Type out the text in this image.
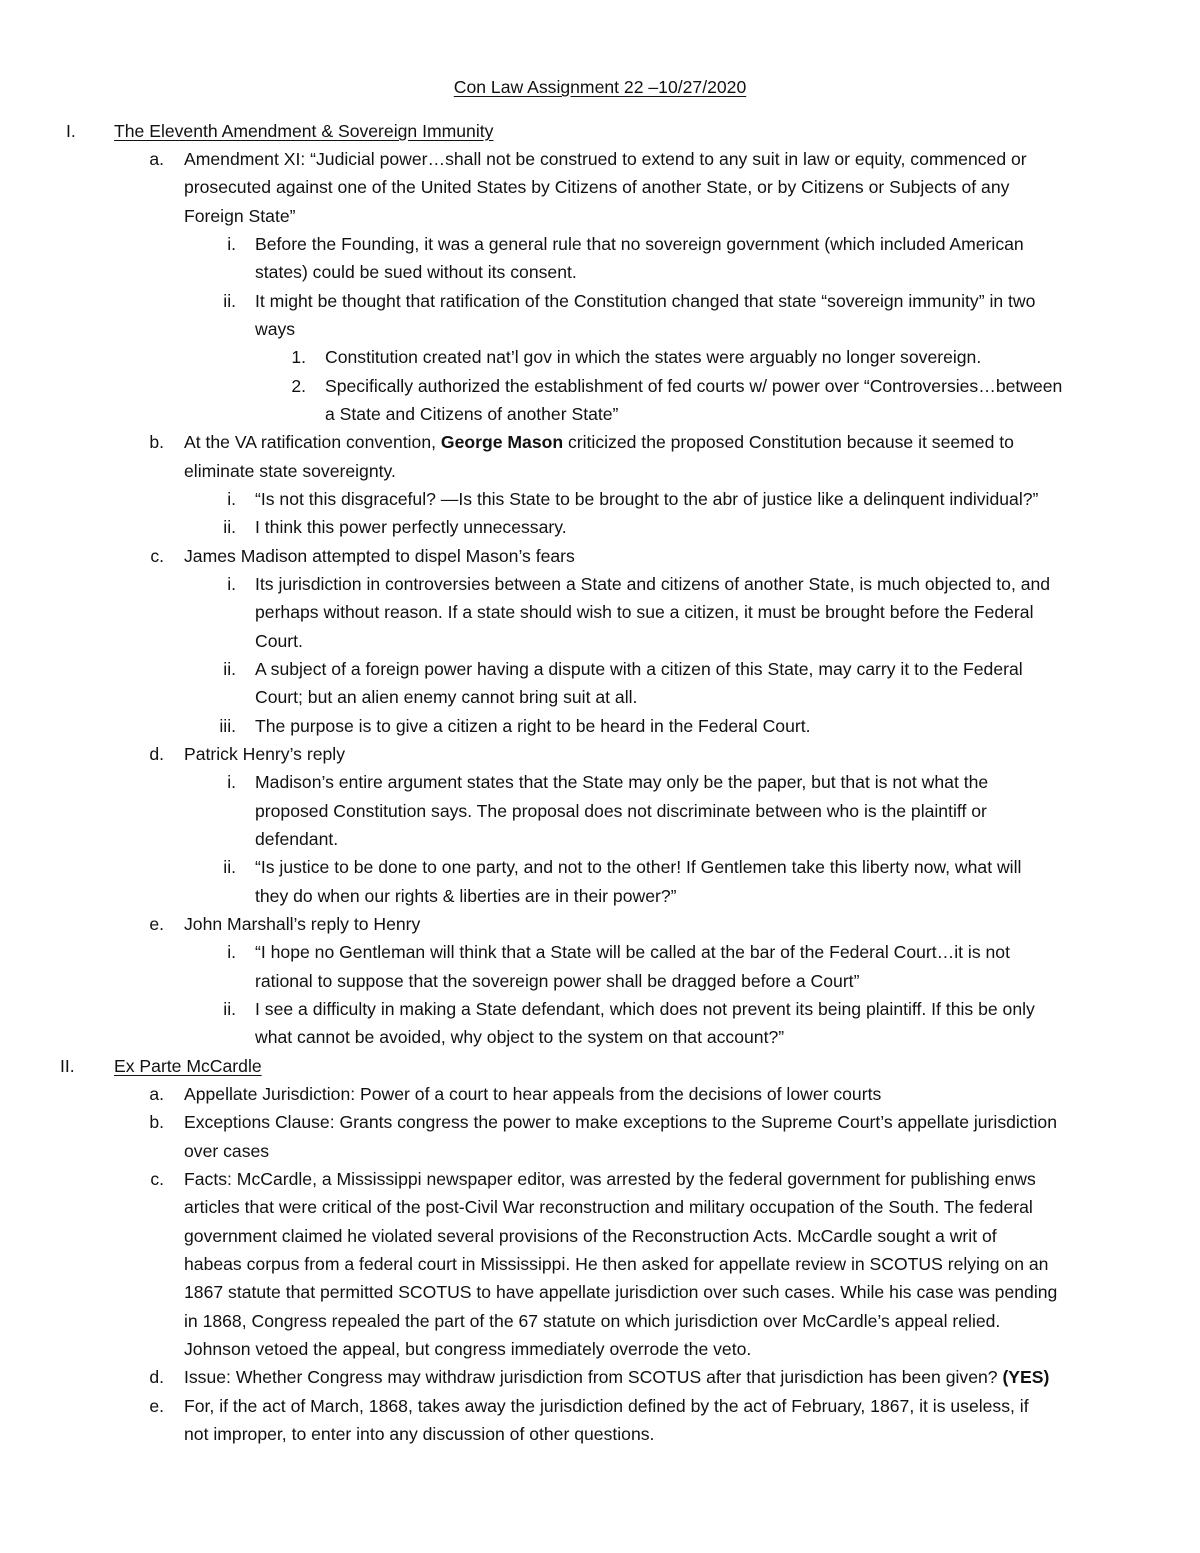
Con Law Assignment 22 –10/27/2020
I.	The Eleventh Amendment & Sovereign Immunity
a. Amendment XI: “Judicial power…shall not be construed to extend to any suit in law or equity, commenced or
prosecuted against one of the United States by Citizens of another State, or by Citizens or Subjects of any
Foreign State”
i. Before the Founding, it was a general rule that no sovereign government (which included American
states) could be sued without its consent.
ii. It might be thought that ratification of the Constitution changed that state “sovereign immunity” in two
ways
1. Constitution created nat’l gov in which the states were arguably no longer sovereign.
2. Specifically authorized the establishment of fed courts w/ power over “Controversies…between
a State and Citizens of another State”
b. At the VA ratification convention, George Mason criticized the proposed Constitution because it seemed to
eliminate state sovereignty.
i. “Is not this disgraceful? —Is this State to be brought to the abr of justice like a delinquent individual?”
ii. I think this power perfectly unnecessary.
c. James Madison attempted to dispel Mason’s fears
i. Its jurisdiction in controversies between a State and citizens of another State, is much objected to, and
perhaps without reason. If a state should wish to sue a citizen, it must be brought before the Federal
Court.
ii. A subject of a foreign power having a dispute with a citizen of this State, may carry it to the Federal
Court; but an alien enemy cannot bring suit at all.
iii. The purpose is to give a citizen a right to be heard in the Federal Court.
d. Patrick Henry’s reply
i. Madison’s entire argument states that the State may only be the paper, but that is not what the
proposed Constitution says. The proposal does not discriminate between who is the plaintiff or
defendant.
ii. “Is justice to be done to one party, and not to the other! If Gentlemen take this liberty now, what will
they do when our rights & liberties are in their power?”
e. John Marshall’s reply to Henry
i. “I hope no Gentleman will think that a State will be called at the bar of the Federal Court…it is not
rational to suppose that the sovereign power shall be dragged before a Court”
ii. I see a difficulty in making a State defendant, which does not prevent its being plaintiff. If this be only
what cannot be avoided, why object to the system on that account?”
II.	Ex Parte McCardle
a. Appellate Jurisdiction: Power of a court to hear appeals from the decisions of lower courts
b. Exceptions Clause: Grants congress the power to make exceptions to the Supreme Court’s appellate jurisdiction
over cases
c. Facts: McCardle, a Mississippi newspaper editor, was arrested by the federal government for publishing enws
articles that were critical of the post-Civil War reconstruction and military occupation of the South. The federal
government claimed he violated several provisions of the Reconstruction Acts. McCardle sought a writ of
habeas corpus from a federal court in Mississippi. He then asked for appellate review in SCOTUS relying on an
1867 statute that permitted SCOTUS to have appellate jurisdiction over such cases. While his case was pending
in 1868, Congress repealed the part of the 67 statute on which jurisdiction over McCardle’s appeal relied.
Johnson vetoed the appeal, but congress immediately overrode the veto.
d. Issue: Whether Congress may withdraw jurisdiction from SCOTUS after that jurisdiction has been given? (YES)
e. For, if the act of March, 1868, takes away the jurisdiction defined by the act of February, 1867, it is useless, if
not improper, to enter into any discussion of other questions.
